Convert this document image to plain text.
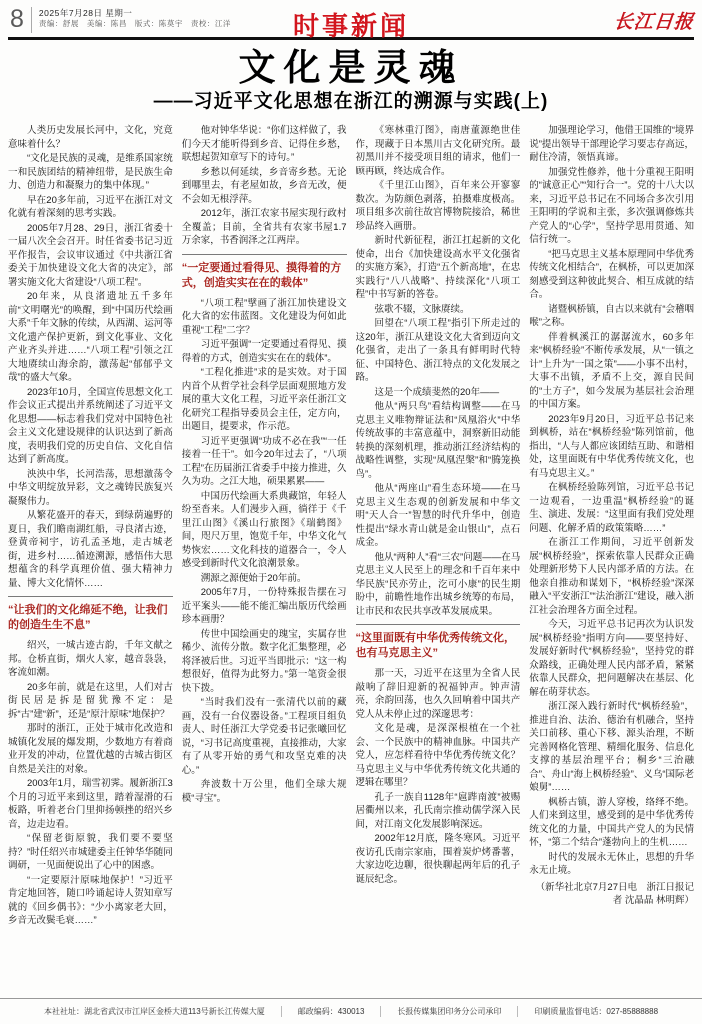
8	2025年7月28日 星期一
责编：舒展　美编：陈昌　版式：陈莫宇　责校：江洋 时事新闻	长江日报
文化是灵魂
——习近平文化思想在浙江的溯源与实践(上)

人类历史发展长河中，文化，究竟意味着什么？

“文化是民族的灵魂，是维系国家统一和民族团结的精神纽带，是民族生命力、创造力和凝聚力的集中体现。”

早在20多年前，习近平在浙江对文化就有着深刻的思考实践。

2005年7月28、29日，浙江省委十一届八次全会召开。时任省委书记习近平作报告，会议审议通过《中共浙江省委关于加快建设文化大省的决定》，部署实施文化大省建设“八项工程”。

20年来，从良渚遗址五千多年前“文明曙光”的唤醒，到“中国历代绘画大系”千年文脉的传续，从西湖、运河等文化遗产保护更新，到文化事业、文化产业齐头并进……“八项工程”引领之江大地赓续山海余韵，激荡起“郁郁乎文哉”的盛大气象。

2023年10月，全国宣传思想文化工作会议正式提出并系统阐述了习近平文化思想——标志着我们党对中国特色社会主义文化建设规律的认识达到了新高度，表明我们党的历史自信、文化自信达到了新高度。

泱泱中华，长河浩荡，思想激荡令中华文明绽放异彩，文之魂铸民族复兴凝聚伟力。

从繁花盛开的春天，到绿荫遍野的夏日，我们瞻南湖红船，寻良渚古迹，登黄帝祠宇，访孔孟圣地，走古城老街，进乡村……循迹溯源，感悟伟大思想蕴含的科学真理价值、强大精神力量、博大文化情怀……

“让我们的文化绵延不绝，让我们的创造生生不息”

绍兴，一城古迹古韵，千年文献之邦。仓桥直街，烟火人家，越音袅袅，客流如潮。

20多年前，就是在这里，人们对古街民居是拆是留犹豫不定：是拆“古”建“新”，还是“原汁原味”地保护？

那时的浙江，正处于城市化改造和城镇化发展的爆发期，少数地方有着商业开发的冲动，位置优越的古城古街区自然是关注的对象。

2003年1月，瑞雪初霁。履新浙江3个月的习近平来到这里，踏着湿滑的石板路，听着老台门里抑扬顿挫的绍兴乡音，边走边看。

“保留老街原貌，我们要不要坚持？”时任绍兴市城建委主任钟华华随同调研，一见面便说出了心中的困惑。

“一定要原汁原味地保护！”习近平肯定地回答，随口吟诵起诗人贺知章写就的《回乡偶书》：“少小离家老大回，乡音无改鬓毛衰……”

他对钟华华说：“你们这样做了，我们今天才能听得到乡音、记得住乡愁，联想起贺知章写下的诗句。”

乡愁以何延续，乡音寄乡愁。无论到哪里去，有老屋如故，乡音无改，便不会如无根浮萍。

2012年，浙江农家书屋实现行政村全覆盖；目前，全省共有农家书屋1.7万余家，书香润泽之江两岸。

“一定要通过看得见、摸得着的方式，创造实实在在的载体”

“八项工程”擘画了浙江加快建设文化大省的宏伟蓝图。文化建设为何如此重视“工程”二字？

习近平强调“一定要通过看得见、摸得着的方式，创造实实在在的载体”。

“工程化推进”求的是实效。对于国内首个从哲学社会科学层面观照地方发展的重大文化工程，习近平亲任浙江文化研究工程指导委员会主任，定方向，出题目，提要求，作示范。

习近平更强调“功成不必在我”“一任接着一任干”。如今20年过去了，“八项工程”在历届浙江省委手中接力推进，久久为功。之江大地，硕果累累——

中国历代绘画大系典藏馆，年轻人纷至沓来。人们漫步入画，徜徉于《千里江山图》《溪山行旅图》《瑞鹤图》间，咫尺万里，饱览千年，中华文化气势恢宏……文化科技的道器合一，令人感受到新时代文化浪潮景象。

溯源之源便始于20年前。

2005年7月，一份特殊报告摆在习近平案头——能不能汇编出版历代绘画珍本画册？

传世中国绘画史的瑰宝，实属存世稀少、流传分散。数字化汇集整理，必将泽被后世。习近平当即批示：“这一构想很好，值得为此努力。”第一笔资金很快下拨。

“当时我们没有一张清代以前的藏画，没有一台仪器设备。”工程项目组负责人、时任浙江大学党委书记张曦回忆说，“习书记高度重视，直接推动，大家有了从零开始的勇气和攻坚克难的决心。”

奔波数十万公里，他们全球大规模“寻宝”。

《寒林重汀图》，南唐董源绝世佳作，现藏于日本黑川古文化研究所。最初黑川并不接受项目组的请求，他们一顾再顾，终达成合作。

《千里江山图》，百年来公开寥寥数次。为防颜色剥落，拍摄难度极高。项目组多次前往故宫博物院接洽，稀世珍品终入画册。

新时代新征程，浙江扛起新的文化使命，出台《加快建设高水平文化强省的实施方案》，打造“五个新高地”，在忠实践行“八八战略”、持续深化“八项工程”中书写新的答卷。

弦歌不辍，文脉赓续。

回望在“八项工程”指引下所走过的这20年，浙江从建设文化大省到迈向文化强省，走出了一条具有鲜明时代特征、中国特色、浙江特点的文化发展之路。

这是一个成绩斐然的20年——

他从“两只鸟”看结构调整——在马克思主义唯物辩证法和“凤凰浴火”中华传统故事的丰富意蕴中，洞察新旧动能转换的深刻机理，推动浙江经济结构的战略性调整，实现“凤凰涅槃”和“腾笼换鸟”。

他从“两座山”看生态环境——在马克思主义生态观的创新发展和中华文明“天人合一”智慧的时代升华中，创造性提出“绿水青山就是金山银山”，点石成金。

他从“两种人”看“三农”问题——在马克思主义人民至上的理念和千百年来中华民族“民亦劳止，汔可小康”的民生期盼中，前瞻性地作出城乡统筹的布局，让市民和农民共享改革发展成果。

“这里面既有中华优秀传统文化，也有马克思主义”

那一天，习近平在这里为全省人民敲响了辞旧迎新的祝福钟声。钟声清亮，余韵回荡，也久久回响着中国共产党人从未停止过的深邃思考：

文化是魂，是深深根植在一个社会、一个民族中的精神血脉。中国共产党人，应怎样看待中华优秀传统文化？马克思主义与中华优秀传统文化共通的逻辑在哪里？

孔子一族自1128年“扈跸南渡”被赐居衢州以来，孔氏南宗推动儒学深入民间，对江南文化发展影响深远。

2002年12月底，隆冬寒风。习近平夜访孔氏南宗家庙，围着炭炉烤番薯，大家边吃边聊，很快聊起两年后的孔子诞辰纪念。

加强理论学习，他借王国维的“境界说”提出领导干部理论学习要志存高远，耐住冷清，领悟真谛。

加强党性修养，他十分重视王阳明的“诚意正心”“知行合一”。党的十八大以来，习近平总书记在不同场合多次引用王阳明的学说和主张，多次强调修炼共产党人的“心学”，坚持学思用贯通、知信行统一。

“把马克思主义基本原理同中华优秀传统文化相结合”，在枫桥，可以更加深刻感受到这种彼此契合、相互成就的结合。

诸暨枫桥镇，自古以来就有“会稽咽喉”之称。

伴着枫溪江的潺潺流水，60多年来“枫桥经验”不断传承发展，从“一镇之计”上升为“一国之策”——小事不出村，大事不出镇，矛盾不上交，源自民间的“土方子”，如今发展为基层社会治理的中国方案。

2023年9月20日，习近平总书记来到枫桥，站在“枫桥经验”陈列馆前，他指出，“人与人都应该团结互助、和谐相处，这里面既有中华优秀传统文化，也有马克思主义。”

在枫桥经验陈列馆，习近平总书记一边观看，一边重温“枫桥经验”的诞生、演进、发展：“这里面有我们党处理问题、化解矛盾的政策策略……”

在浙江工作期间，习近平创新发展“枫桥经验”，探索依靠人民群众正确处理新形势下人民内部矛盾的方法。在他亲自推动和谋划下，“枫桥经验”深深融入“平安浙江”“法治浙江”建设，融入浙江社会治理各方面全过程。

今天，习近平总书记再次为认识发展“枫桥经验”指明方向——要坚持好、发展好新时代“枫桥经验”，坚持党的群众路线，正确处理人民内部矛盾，紧紧依靠人民群众，把问题解决在基层、化解在萌芽状态。

浙江深入践行新时代“枫桥经验”，推进自治、法治、德治有机融合，坚持关口前移、重心下移、源头治理，不断完善网格化管理、精细化服务、信息化支撑的基层治理平台；桐乡“三治融合”、舟山“海上枫桥经验”、义乌“国际老娘舅”……

枫桥古镇，游人穿梭，络绎不绝。人们来到这里，感受到的是中华优秀传统文化的力量，中国共产党人的为民情怀，“第二个结合”蓬勃向上的生机……

时代的发展永无休止，思想的升华永无止境。

（新华社北京7月27日电　浙江日报记者 沈晶晶 林明辉）

本社社址：湖北省武汉市江岸区金桥大道113号新长江传媒大厦	邮政编码：430013	长报传媒集团印务分公司承印	印刷质量监督电话：027-85888888
